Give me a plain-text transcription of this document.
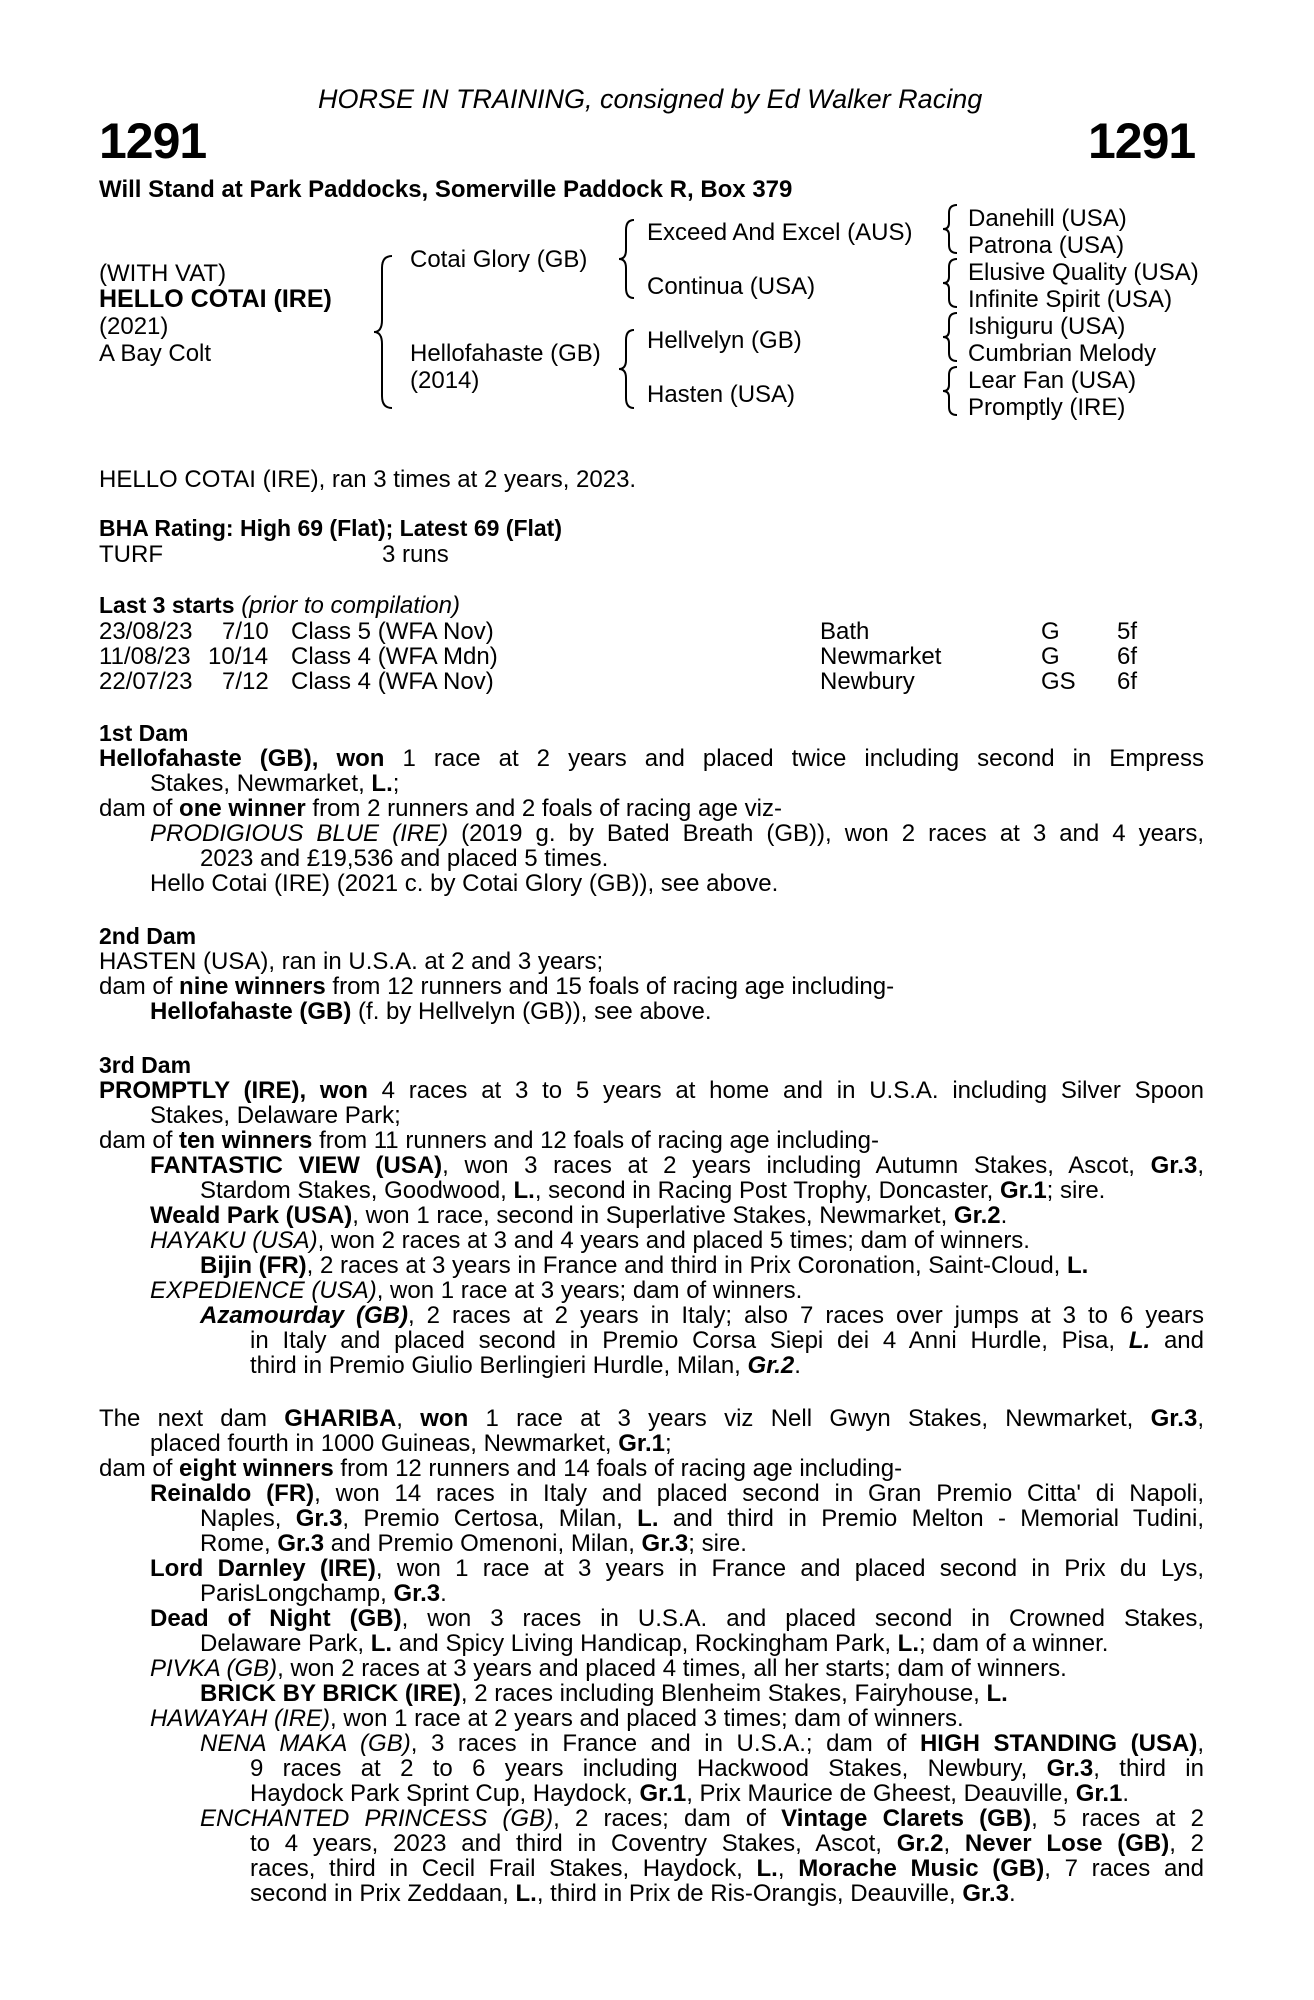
HORSE IN TRAINING, consigned by Ed Walker Racing
1291	1291
Will Stand at Park Paddocks, Somerville Paddock R, Box 379
(WITH VAT)
HELLO COTAI (IRE)
(2021)
A Bay Colt
Cotai Glory (GB)
Hellofahaste (GB)
(2014)
Exceed And Excel (AUS)
Continua (USA)
Hellvelyn (GB)
Hasten (USA)
Danehill (USA)
Patrona (USA)
Elusive Quality (USA)
Infinite Spirit (USA)
Ishiguru (USA)
Cumbrian Melody
Lear Fan (USA)
Promptly (IRE)
HELLO COTAI (IRE), ran 3 times at 2 years, 2023.
BHA Rating: High 69 (Flat); Latest 69 (Flat)
TURF	3 runs
Last 3 starts (prior to compilation)
23/08/23 7/10 Class 5 (WFA Nov)	Bath	G 5f
11/08/23 10/14 Class 4 (WFA Mdn)	Newmarket	G 6f
22/07/23 7/12 Class 4 (WFA Nov)	Newbury	GS 6f
1st Dam
Hellofahaste (GB), won 1 race at 2 years and placed twice including second in Empress
Stakes, Newmarket, L.;
dam of one winner from 2 runners and 2 foals of racing age viz-
PRODIGIOUS BLUE (IRE) (2019 g. by Bated Breath (GB)), won 2 races at 3 and 4 years,
2023 and £19,536 and placed 5 times.
Hello Cotai (IRE) (2021 c. by Cotai Glory (GB)), see above.
2nd Dam
HASTEN (USA), ran in U.S.A. at 2 and 3 years;
dam of nine winners from 12 runners and 15 foals of racing age including-
Hellofahaste (GB) (f. by Hellvelyn (GB)), see above.
3rd Dam
PROMPTLY (IRE), won 4 races at 3 to 5 years at home and in U.S.A. including Silver Spoon
Stakes, Delaware Park;
dam of ten winners from 11 runners and 12 foals of racing age including-
FANTASTIC VIEW (USA), won 3 races at 2 years including Autumn Stakes, Ascot, Gr.3,
Stardom Stakes, Goodwood, L., second in Racing Post Trophy, Doncaster, Gr.1; sire.
Weald Park (USA), won 1 race, second in Superlative Stakes, Newmarket, Gr.2.
HAYAKU (USA), won 2 races at 3 and 4 years and placed 5 times; dam of winners.
Bijin (FR), 2 races at 3 years in France and third in Prix Coronation, Saint-Cloud, L.
EXPEDIENCE (USA), won 1 race at 3 years; dam of winners.
Azamourday (GB), 2 races at 2 years in Italy; also 7 races over jumps at 3 to 6 years
in Italy and placed second in Premio Corsa Siepi dei 4 Anni Hurdle, Pisa, L. and
third in Premio Giulio Berlingieri Hurdle, Milan, Gr.2.
The next dam GHARIBA, won 1 race at 3 years viz Nell Gwyn Stakes, Newmarket, Gr.3,
placed fourth in 1000 Guineas, Newmarket, Gr.1;
dam of eight winners from 12 runners and 14 foals of racing age including-
Reinaldo (FR), won 14 races in Italy and placed second in Gran Premio Citta' di Napoli,
Naples, Gr.3, Premio Certosa, Milan, L. and third in Premio Melton - Memorial Tudini,
Rome, Gr.3 and Premio Omenoni, Milan, Gr.3; sire.
Lord Darnley (IRE), won 1 race at 3 years in France and placed second in Prix du Lys,
ParisLongchamp, Gr.3.
Dead of Night (GB), won 3 races in U.S.A. and placed second in Crowned Stakes,
Delaware Park, L. and Spicy Living Handicap, Rockingham Park, L.; dam of a winner.
PIVKA (GB), won 2 races at 3 years and placed 4 times, all her starts; dam of winners.
BRICK BY BRICK (IRE), 2 races including Blenheim Stakes, Fairyhouse, L.
HAWAYAH (IRE), won 1 race at 2 years and placed 3 times; dam of winners.
NENA MAKA (GB), 3 races in France and in U.S.A.; dam of HIGH STANDING (USA),
9 races at 2 to 6 years including Hackwood Stakes, Newbury, Gr.3, third in
Haydock Park Sprint Cup, Haydock, Gr.1, Prix Maurice de Gheest, Deauville, Gr.1.
ENCHANTED PRINCESS (GB), 2 races; dam of Vintage Clarets (GB), 5 races at 2
to 4 years, 2023 and third in Coventry Stakes, Ascot, Gr.2, Never Lose (GB), 2
races, third in Cecil Frail Stakes, Haydock, L., Morache Music (GB), 7 races and
second in Prix Zeddaan, L., third in Prix de Ris-Orangis, Deauville, Gr.3.
